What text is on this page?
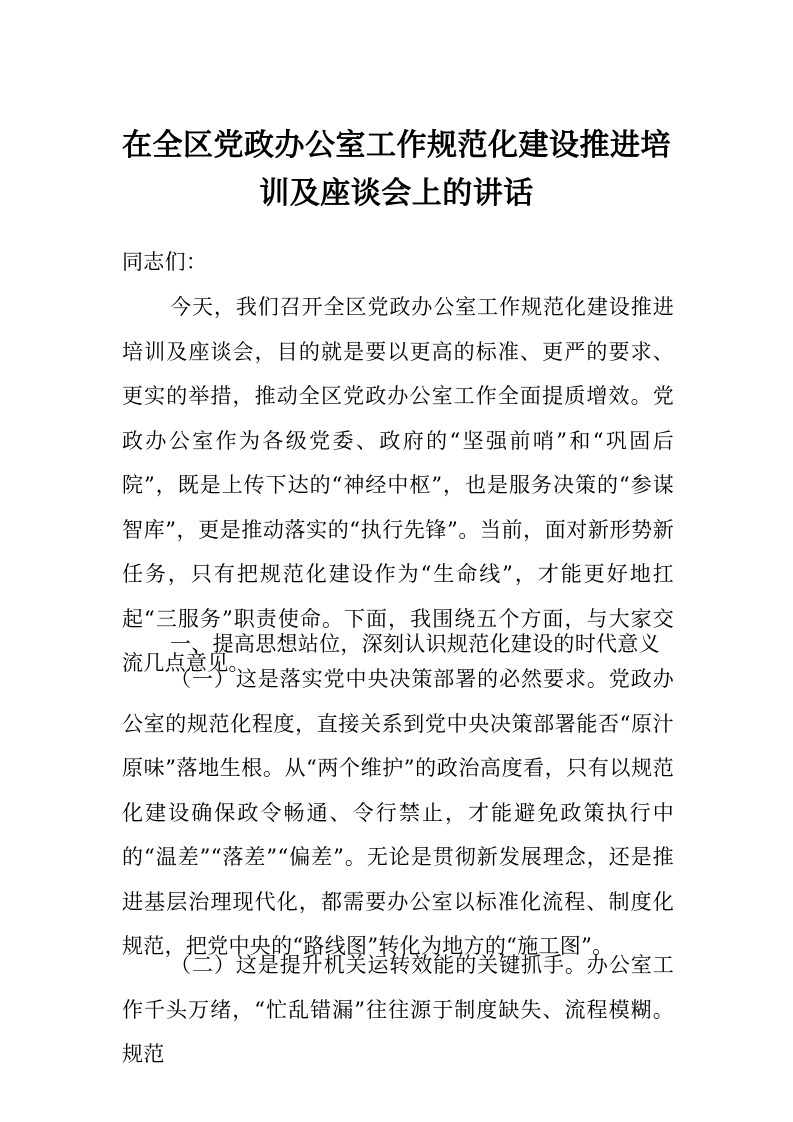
在全区党政办公室工作规范化建设推进培
训及座谈会上的讲话

同志们：

今天，我们召开全区党政办公室工作规范化建设推进培训及座谈会，目的就是要以更高的标准、更严的要求、更实的举措，推动全区党政办公室工作全面提质增效。党政办公室作为各级党委、政府的“坚强前哨”和“巩固后院”，既是上传下达的“神经中枢”，也是服务决策的“参谋智库”，更是推动落实的“执行先锋”。当前，面对新形势新任务，只有把规范化建设作为“生命线”，才能更好地扛起“三服务”职责使命。下面，我围绕五个方面，与大家交流几点意见。

一、提高思想站位，深刻认识规范化建设的时代意义

（一）这是落实党中央决策部署的必然要求。党政办公室的规范化程度，直接关系到党中央决策部署能否“原汁原味”落地生根。从“两个维护”的政治高度看，只有以规范化建设确保政令畅通、令行禁止，才能避免政策执行中的“温差”“落差”“偏差”。无论是贯彻新发展理念，还是推进基层治理现代化，都需要办公室以标准化流程、制度化规范，把党中央的“路线图”转化为地方的“施工图”。

（二）这是提升机关运转效能的关键抓手。办公室工作千头万绪，“忙乱错漏”往往源于制度缺失、流程模糊。规范
